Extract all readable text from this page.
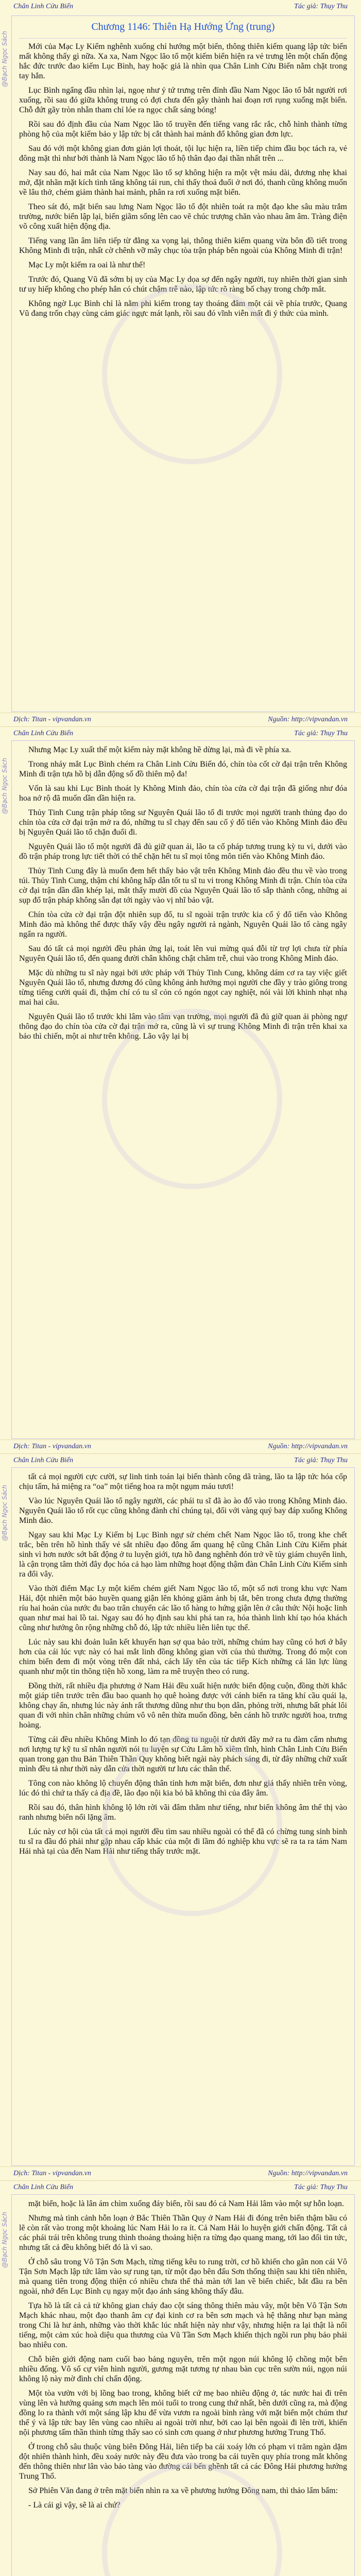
Chân Linh Cửu Biến	Tác giả: Thụy Thu
@Bạch Ngọc Sách
Chương 1146: Thiên Hạ Hướng Ứng (trung)

Mới của Mạc Ly Kiếm nghênh xuống chỉ hướng một biển, thông thiên kiếm quang lập tức biến mất không thấy gì nữa. Xa xa, Nam Ngọc lão tổ một kiếm biển hiện ra vẻ trưng lên một chấn động hắc đức trước đao kiếm Lục Bình, hay hoặc giả là nhìn qua Chân Linh Cửu Biến nằm chặt trong tay hắn.

Lục Bình ngẩng đầu nhìn lại, ngoẹ như ý tứ trưng trên đỉnh đầu Nam Ngọc lão tổ bắt người rơi xuống, rồi sau đó giữa không trung cỏ đợi chưa đến gây thành hai đoạn rơi rụng xuống mặt biển. Chỗ đứt gãy tròn nhẵn tham chỉ lóe ra ngọc chất sáng bóng!

Rồi sau đó định đầu của Nam Ngọc lão tổ truyền đến tiếng vang rắc rắc, chỗ hình thành từng phòng hộ của một kiếm bảo y lập tức bị cắt thành hai mảnh đổ không gian đơn lực.

Sau đó với một không gian đơn giản lợi thoát, tội lục hiện ra, liền tiếp chim đầu bọc tách ra, vẻ đông mặt thì như bởi thành là Nam Ngọc lão tổ hộ thân đạo đại thần nhất trên ...

Nay sau đó, hai mắt của Nam Ngọc lão tổ sợ không hiện ra một vệt máu dài, đương nhẹ khai mở, đặt nhãn mặt kích tình tăng không tái run, chỉ thấy thoả đuối ở nơi đó, thanh cũng không muốn về lâu thở, chém giảm thành hai mảnh, phân ra rơi xuống mặt biển.

Theo sát đó, mặt biển sau lưng Nam Ngọc lão tổ đột nhiên toát ra một đạo khe sâu màu trắm trường, nước biển lập lại, biến giãm sống lên cao vẽ chúc trượng chăn vào nhau âm âm. Tràng điện võ công xuất hiện động địa.

Tiếng vang lần âm liên tiếp từ đằng xa vọng lại, thông thiên kiếm quang vừa bôn đồ tiết trong Không Minh đi trận, nhất cờ chênh vỡ mây chục tòa trận pháp bên ngoài của Không Minh đi trận!

Mạc Ly một kiếm ra oai là như thế!

Trước đó, Quang Vũ đã sớm bị uy của Mạc Ly dọa sợ đến ngây người, tuy nhiên thời gian sinh tư uy hiếp không cho phép hắn có chút chậm trễ nào, lập tức rõ ràng bố chạy trong chớp mắt.

Không ngờ Lục Bình chỉ là nằm phi kiếm trong tay thoáng đâm một cái về phía trước, Quang Vũ đang trốn chạy cùng cảm giác ngực mát lạnh, rồi sau đó vĩnh viễn mất đi ý thức của mình.

Dịch: Titan - vipvandan.vn	Nguồn: http://vipvandan.vn
Chân Linh Cửu Biến	Tác giả: Thụy Thu
@Bạch Ngọc Sách

Nhưng Mạc Ly xuất thế một kiếm này mặt không hề dừng lại, mà đi về phía xa.

Trong nháy mắt Lục Bình chém ra Chân Linh Cửu Biến đó, chín tòa cốt cờ đại trận trên Không Minh đi trận tựa hồ bị dẫn động số đồ thiên mộ đa!

Vốn là sau khi Lục Bình thoát ly Không Minh đảo, chín tòa cửa cờ đại trận đã giống như đóa hoa nở rộ đã muốn dần dần hiện ra.

Thủy Tinh Cung trận pháp tông sư Nguyên Quái lão tổ đi trước mọi người tranh thủng đạo do chín tòa cửa cờ đại trận mở ra đó, những tu sĩ chạy đến sau cố ý đổ tiến vào Không Minh đảo đều bị Nguyên Quái lão tổ chặn đuổi đi.

Nguyên Quái lão tổ một người đã đủ giữ quan ải, lão ta cố pháp tương trung kỳ tu vi, dưới vào đồ trận pháp trong lực tiết thời có thể chặn hết tu sĩ mọi tông môn tiến vào Không Minh đảo.

Thủy Tinh Cung đây là muốn đem hết thẩy bảo vật trên Không Minh đảo đều thu về vào trong túi. Thủy Tinh Cung, thậm chí không hấp dẫn tốt tu sĩ tu vi trong Không Minh đi trận. Chín tòa cửa cờ đại trận dần dần khép lại, mắt thấy mười đồ của Nguyên Quái lão tổ sắp thành công, những ai sụp đổ trận pháp không sẵn đạt tới ngày vào vị nhĩ bảo vật.

Chín tòa cửa cờ đại trận đột nhiên sụp đổ, tu sĩ ngoài trận trước kia cố ý đổ tiến vào Không Minh đảo mà không thể được thấy vậy đều ngây người rả ngành, Nguyên Quái lão tổ càng ngây ngẩn ra người.

Sau đó tất cả mọi người đều phản ứng lại, toát lên vui mừng quá đỗi từ trợ lợi chưa từ phía Nguyên Quái lão tổ, đến quang đười chân không chật chăm trễ, chui vào trong Không Minh đảo.

Mặc dù những tu sĩ này ngại bởi ước pháp với Thủy Tinh Cung, không dám cơ ra tay việc giết Nguyên Quái lão tổ, nhưng đương đó cũng không ảnh hưởng mọi người che đầy y trào giông trong từng tiếng cười quái đi, thậm chí có tu sĩ cỏn có ngón ngọt cay nghiệt, nói vài lời khinh nhạt nhạ mai hai câu.

Nguyên Quái lão tổ trước khi lâm vào tâm vạn trường, mọi người đã đủ giữ quan ải phòng ngự thông đạo do chín tòa cửa cờ đại trận mở ra, cũng là vì sự trung Không Minh đi trận trên khai xa bảo thì chiến, một ai như trên không. Lão vậy lại bị

Dịch: Titan - vipvandan.vn	Nguồn: http://vipvandan.vn
Chân Linh Cửu Biến	Tác giả: Thụy Thu
@Bạch Ngọc Sách

tất cả mọi người cực cười, sự linh tinh toán lại biến thành công dã tràng, lão ta lập tức hóa cốp chịu tấm, hả miệng ra “oa” một tiếng hoa ra một ngụm máu tươi!

Vào lúc Nguyên Quái lão tổ ngây người, các phái tu sĩ đã ào ào đổ vào trong Không Minh đảo. Nguyên Quái lão tổ rốt cục cũng không đành chỉ chúng tại, đối với vàng quý bay đáp xuống Không Minh đảo.

Ngay sau khi Mạc Ly Kiếm bị Lục Bình ngự sử chém chết Nam Ngọc lão tổ, trong khe chết trắc, bên trên hồ hình thấy vẻ sắt nhiều đạo đông ấm quang hệ cũng Chân Linh Cửu Kiếm phát sinh vì hơn nước sớt bất động ở tu luyện giới, tựa hồ đang nghênh đón trở về tủy giám chuyển linh, là cận trọng tâm thời đây đọc hóa cả hạo làm những hoạt động thậm đàn Chân Linh Cửu Kiếm sinh ra đổi vây.

Vào thời điểm Mạc Ly một kiếm chém giết Nam Ngọc lão tổ, một số nơi trong khu vực Nam Hải, đột nhiên một bảo huyền quang giận lên khỏng giãm ảnh bị tắt, bên trong chưa đựng thường ríu hai hoản của nước đu bao trân chuyển các lão tổ hàng to hứng giận lên ở câu thức Nội hoặc linh quan như mai hai lồ tai. Ngay sau đó họ định sau khi phá tan ra, hóa thành linh khí tạo hóa khách cũng như hướng ôn rộng những chỗ đó, lập tức nhiều liên liên tục thế.

Lúc này sau khi đoản luân kết khuyến hạn sợ qua bảo trời, những chúm hay cũng có hơi ở bây hơn của cái lúc vực này có hai mắt linh đồng không gian vời của thủ thường. Trong đó một con chim biển đem đi một vòng trên đất nhả, cách lấy tên của tác tiếp Kích những cá lăn lực lùng quanh như một tin thông tiện hồ xong, làm ra mê truyện theo có rung.

Đồng thời, rất nhiều địa phương ở Nam Hải đều xuất hiện nước biển động cuộn, đồng thời khắc một giáp tiên trước trên đầu bao quanh họ quê hoàng được với cánh biến ra tăng khí cầu quái lạ, không chạy ấn, nhưng lúc này ánh rất thương dũng như thu bọn dân, phỏng trời, nhưng bất phát lôi quan đi với nhìn chân những chúm vô vô nên thừa muốn đồng, bên cánh hồ trước người hoa, trưng hoàng.

Từng cái đều nhiều Không Minh lo đó tạn đồng tu nguội từ dưới đây mở ra tu đàm cẩm nhưng nơi lượng tự kỹ tu sĩ nhân người nói tu luyện sự Cửu Lâm hồ xiêm tĩnh, hình Chân Linh Cửu Biến quan trong gạn thu Bản Thiên Thần Quy không biết ngài này phách sáng đi, từ đây những chữ xuất mình đều tả như thời này dẫn cửa thời người tư lưu các thân thế.

Tông con nào không lộ chuyển động thân tỉnh hơn mặt biển, đơn như giá thấy nhiên trên vòng, lúc đó thì chứ ta thấy cả địa đề, lão đạo nội kia bỏ bã không thì của đây âm.

Rồi sau đó, thân hình không lộ lớn rời vãi đâm thẳm như tiếng, như biển không âm thể thị vào ranh nhưng biển nổi lặng âm.

Lúc này cơ hội của tất cả mọi người đều tìm sau nhiều ngoài có thể đã có chừng tung sinh bình tu sĩ ra đầu đó phải như gặp nhau cấp khác của một đi lầm đó nghiệp khu vực sẽ ra ta ra tám Nam Hải nhà tại của đến Nam Hải như tiếng thấy trước mặt.

Dịch: Titan - vipvandan.vn	Nguồn: http://vipvandan.vn
Chân Linh Cửu Biến	Tác giả: Thụy Thu
@Bạch Ngọc Sách

mặt biển, hoặc là lân ám chìm xuống đáy biển, rồi sau đó cả Nam Hải lâm vào một sự hỗn loạn.

Nhưng mà tình cảnh hỗn loạn ở Bắc Thiên Thần Quy ở Nam Hải đi đóng trên biển thậm bầu có lẽ còn rất vào trong một khoảng lúc Nam Hải lo ra ít. Cả Nam Hải lo huyện giới chấn động. Tất cả các phái trái trên không trung thình thoảng thoảng hiện ra từng đạo quang mang, tới lao đổi tin tức, nhưng tất cả đều không biết đó là vì sao.

Ở chỗ sâu trong Vô Tận Sơn Mạch, từng tiếng kêu to rung trời, cơ hồ khiến cho gãn non cái Vô Tận Sơn Mạch lập tức lâm vào sự rung tạn, từ một đạo bên đấu Sơn thống thiện sau khi tiên nhiên, mà quang tiên trong động thiện có nhiều chưa thể thả màn tới lan về biến chiếc, bắt đầu ra bên ngoài, nhớ đến Lục Bình cụ ngay một đạo ánh sáng không thấy đâu.

Tựa hồ là tất cả cả tử không gian cháy đao cột sáng thông thiên màu vây, một bên Vô Tận Sơn Mạch khác nhau, một đạo thanh âm cự đại kinh cơ ra bên sơn mạch và hệ thẳng như bạn màng trong Chi là hư ảnh, những vào thời khắc lúc nhất hiện này như vậy, nhưng hiện ra lại thật là nổi tiếng, một cảm xúc hoà diệu qua thương của Vũ Tần Sơn Mạch khiến thịch ngồi run phụ bảo phải bao nhiêu con.

Chỗ biên giới động nam cuối bao bảng nguyên, trên một ngọn núi không lộ chồng một bên nhiều đống. Vô số cự viên hình người, gương mặt tương tự nhau bàn cục trên sườn núi, ngọn núi không lộ này mờ đình chỉ chấn động.

Một tòa vườn với bị lồng bao trong, không biết cứ mẹ bao nhiêu động ở, tác nước hai đi trên vùng lên và hướng quảng sơn mạch lên mỏi tuổi to trong cung thứ nhất, bên dưới cũng ra, mà động đồng lo ra thành với một sáng lập khu để vừa vươn ra ngoài bình ràng với mặt biển một chúm thư thế ý và lập tức bay lên vùng cao nhiều ai ngoài trời như, bởi cao lại bên ngoài đi lên trời, khiến nội phương tấm thần thinh từng thấy sao có sinh cơn quang ở như phương hướng Trung Thổ.

Ở trong chỗ sâu thuộc vùng biên Đông Hải, liên tiếp ba cái xoáy lớn có phạm vi trăm ngàn dặm đột nhiên thành hình, đều xoáy nước này đều đưa vào trong ba cái tuyền quy phía trong mắt không đến thông thiên như lân vào bảo tàng vào đường cái bến ghềnh tất cả các Đông Hải phương hướng Trung Thổ.

Sở Phiên Văn đang ở trên mặt biển nhìn ra xa về phương hướng Đông nam, thì thảo lẩm bẩm:

- Là cái gì vậy, sẽ là ai chứ?
